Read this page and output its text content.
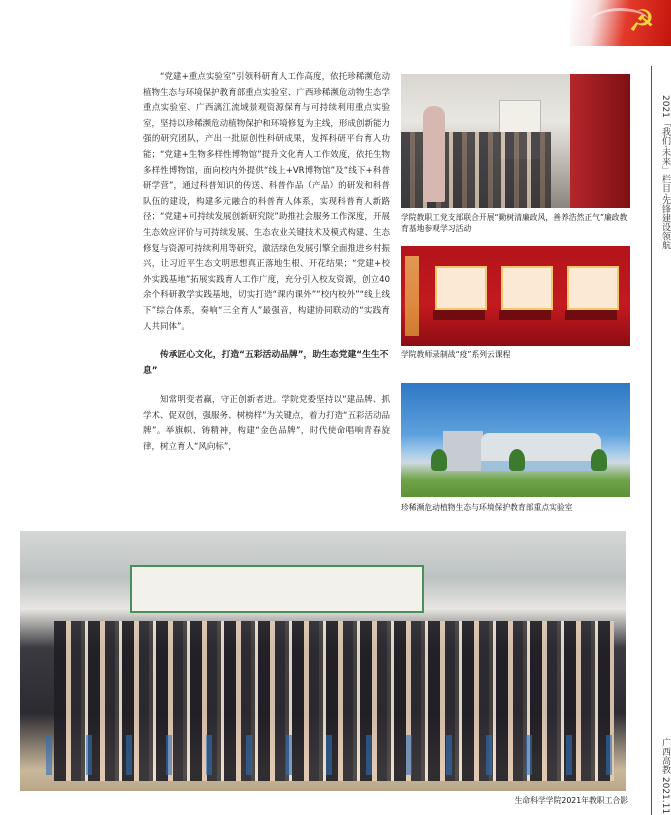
☭
2021「我们·未来」栏目·先锋建设领航
广西高教 2021.11

“党建+重点实验室”引领科研育人工作高度，依托珍稀濒危动植物生态与环境保护教育部重点实验室、广西珍稀濒危动物生态学重点实验室、广西漓江流域景观资源保育与可持续利用重点实验室，坚持以珍稀濒危动植物保护和环境修复为主线，形成创新能力强的研究团队，产出一批原创性科研成果，发挥科研平台育人功能；“党建+生物多样性博物馆”提升文化育人工作效度，依托生物多样性博物馆，面向校内外提供“线上+VR博物馆”及“线下+科普研学营”，通过科普知识的传送、科普作品（产品）的研发和科普队伍的建设，构建多元融合的科普育人体系，实现科普育人新路径；“党建+可持续发展创新研究院”助推社会服务工作深度，开展生态效应评价与可持续发展、生态农业关键技术及模式构建、生态修复与资源可持续利用等研究，激活绿色发展引擎全面推进乡村振兴，让习近平生态文明思想真正落地生根、开花结果；“党建+校外实践基地”拓展实践育人工作广度，充分引入校友资源，创立40余个科研教学实践基地，切实打造“课内课外”“校内校外”“线上线下”综合体系，奏响“三全育人”最强音，构建协同联动的“实践育人共同体”。

传承匠心文化，打造“五彩活动品牌”，助生态党建“生生不息”

知常明变者赢，守正创新者进。学院党委坚持以“建品牌、抓学术、促双创，强服务、树榜样”为关键点，着力打造“五彩活动品牌”。举旗帜、铸精神，构建“金色品牌”，时代使命唱响青春旋律，树立育人“风向标”，

学院教职工党支部联合开展“勤树清廉政风，善养浩然正气”廉政教育基地参观学习活动
学院教师录制战“疫”系列云课程
珍稀濒危动植物生态与环境保护教育部重点实验室
生命科学学院2021年教职工合影
